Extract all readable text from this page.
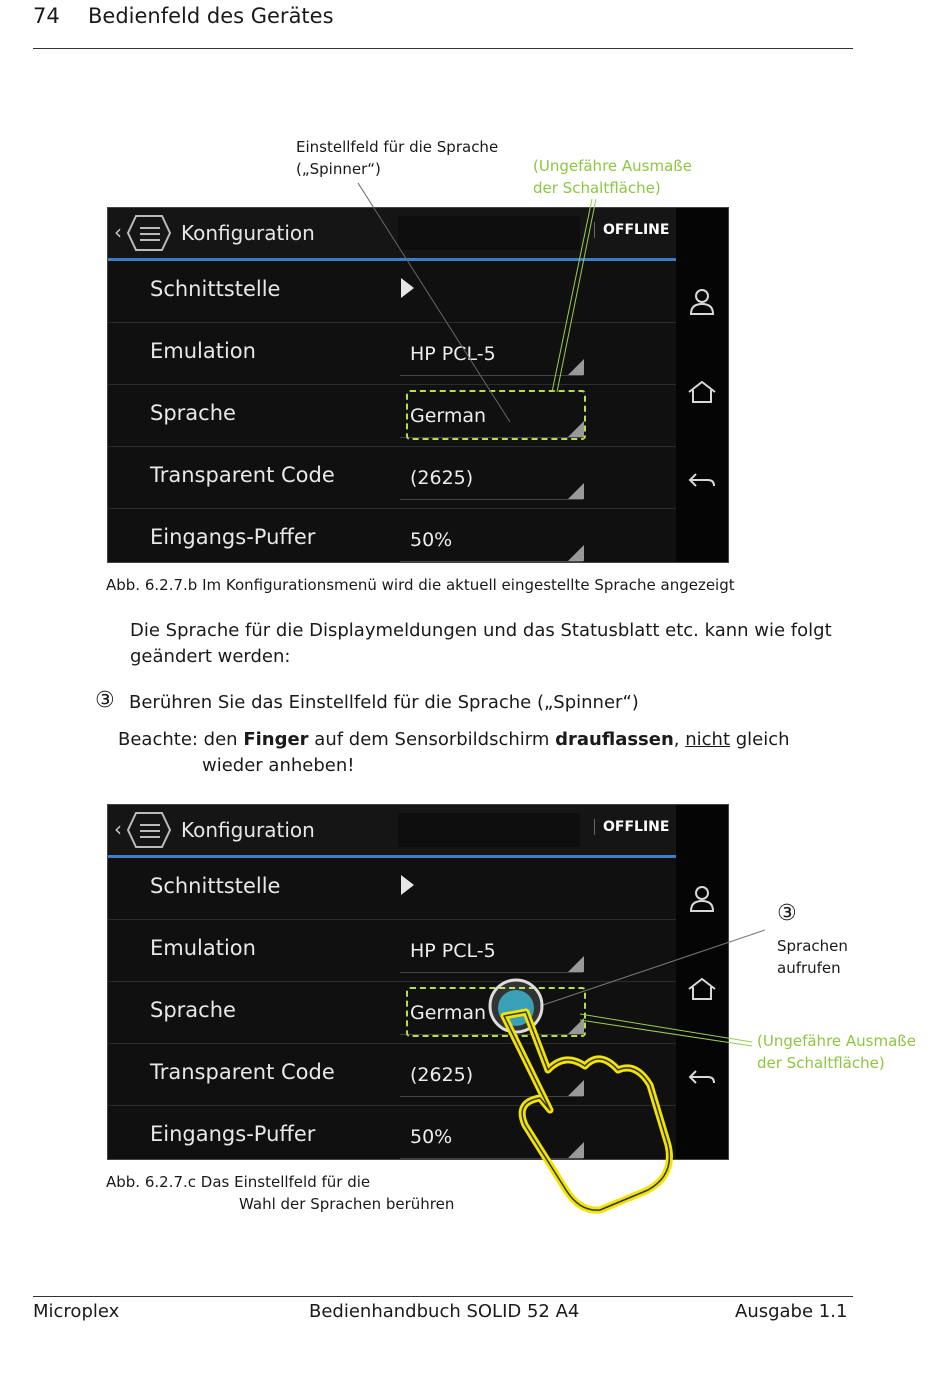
74 Bedienfeld des Gerätes
Einstellfeld für die Sprache
(„Spinner“)	(Ungefähre Ausmaße
der Schaltfläche)
‹	Konfiguration	OFFLINE
Schnittstelle
Emulation	HP PCL-5
Sprache	German
Transparent Code	(2625)
Eingangs-Puffer	50%
Abb. 6.2.7.b Im Konfigurationsmenü wird die aktuell eingestellte Sprache angezeigt
Die Sprache für die Displaymeldungen und das Statusblatt etc. kann wie folgt
geändert werden:
③ Berühren Sie das Einstellfeld für die Sprache („Spinner“)
Beachte: den Finger auf dem Sensorbildschirm drauflassen, nicht gleich
wieder anheben!
‹	Konfiguration	OFFLINE
Schnittstelle
Emulation	HP PCL-5
Sprache	German
Transparent Code	(2625)
Eingangs-Puffer	50%
③
Sprachen
aufrufen
(Ungefähre Ausmaße
der Schaltfläche)
Abb. 6.2.7.c Das Einstellfeld für die
Wahl der Sprachen berühren
Microplex	Bedienhandbuch SOLID 52 A4	Ausgabe 1.1
